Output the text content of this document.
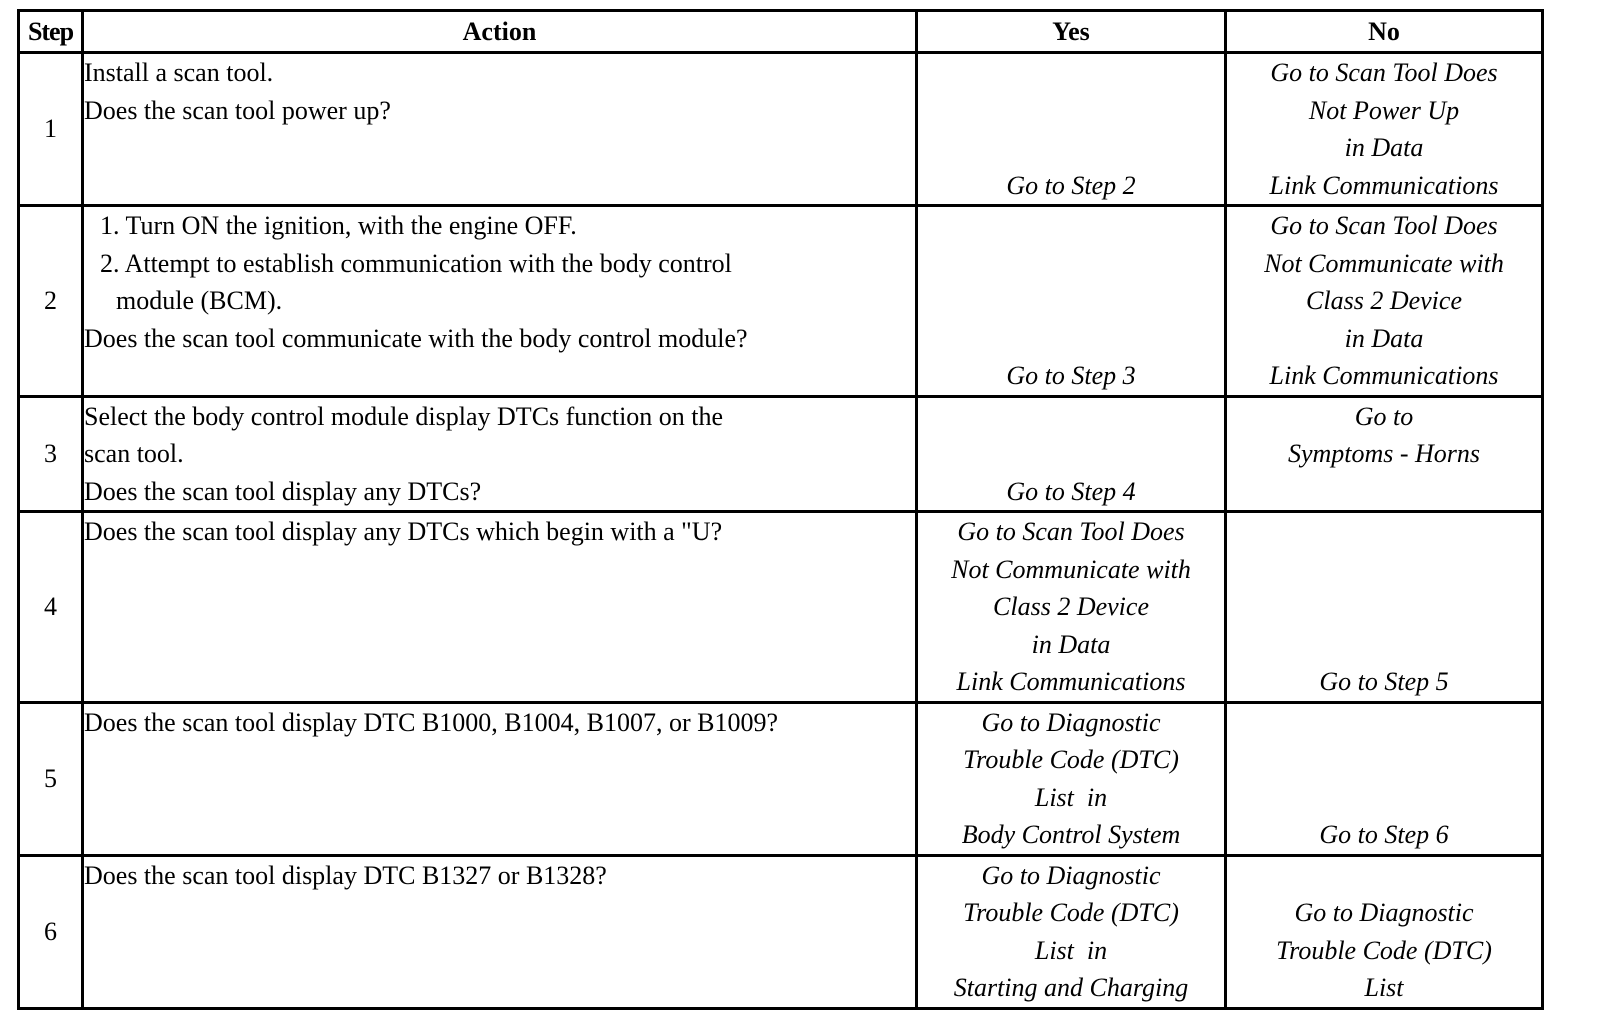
Step	Action	Yes	No
1	Install a scan tool.
Does the scan tool power up?	Go to Step 2	Go to Scan Tool Does
Not Power Up
in Data
Link Communications

2	1. Turn ON the ignition, with the engine OFF.
2. Attempt to establish communication with the body control
module (BCM).
Does the scan tool communicate with the body control module?	Go to Step 3	Go to Scan Tool Does
Not Communicate with
Class 2 Device
in Data
Link Communications

3	Select the body control module display DTCs function on the
scan tool.
Does the scan tool display any DTCs?	Go to Step 4	Go to
Symptoms - Horns

4	Does the scan tool display any DTCs which begin with a "U?	Go to Scan Tool Does
Not Communicate with
Class 2 Device
in Data
Link Communications	Go to Step 5

5	Does the scan tool display DTC B1000, B1004, B1007, or B1009?	Go to Diagnostic
Trouble Code (DTC)
List  in
Body Control System	Go to Step 6

6	Does the scan tool display DTC B1327 or B1328?	Go to Diagnostic
Trouble Code (DTC)
List  in
Starting and Charging	Go to Diagnostic
Trouble Code (DTC)
List
